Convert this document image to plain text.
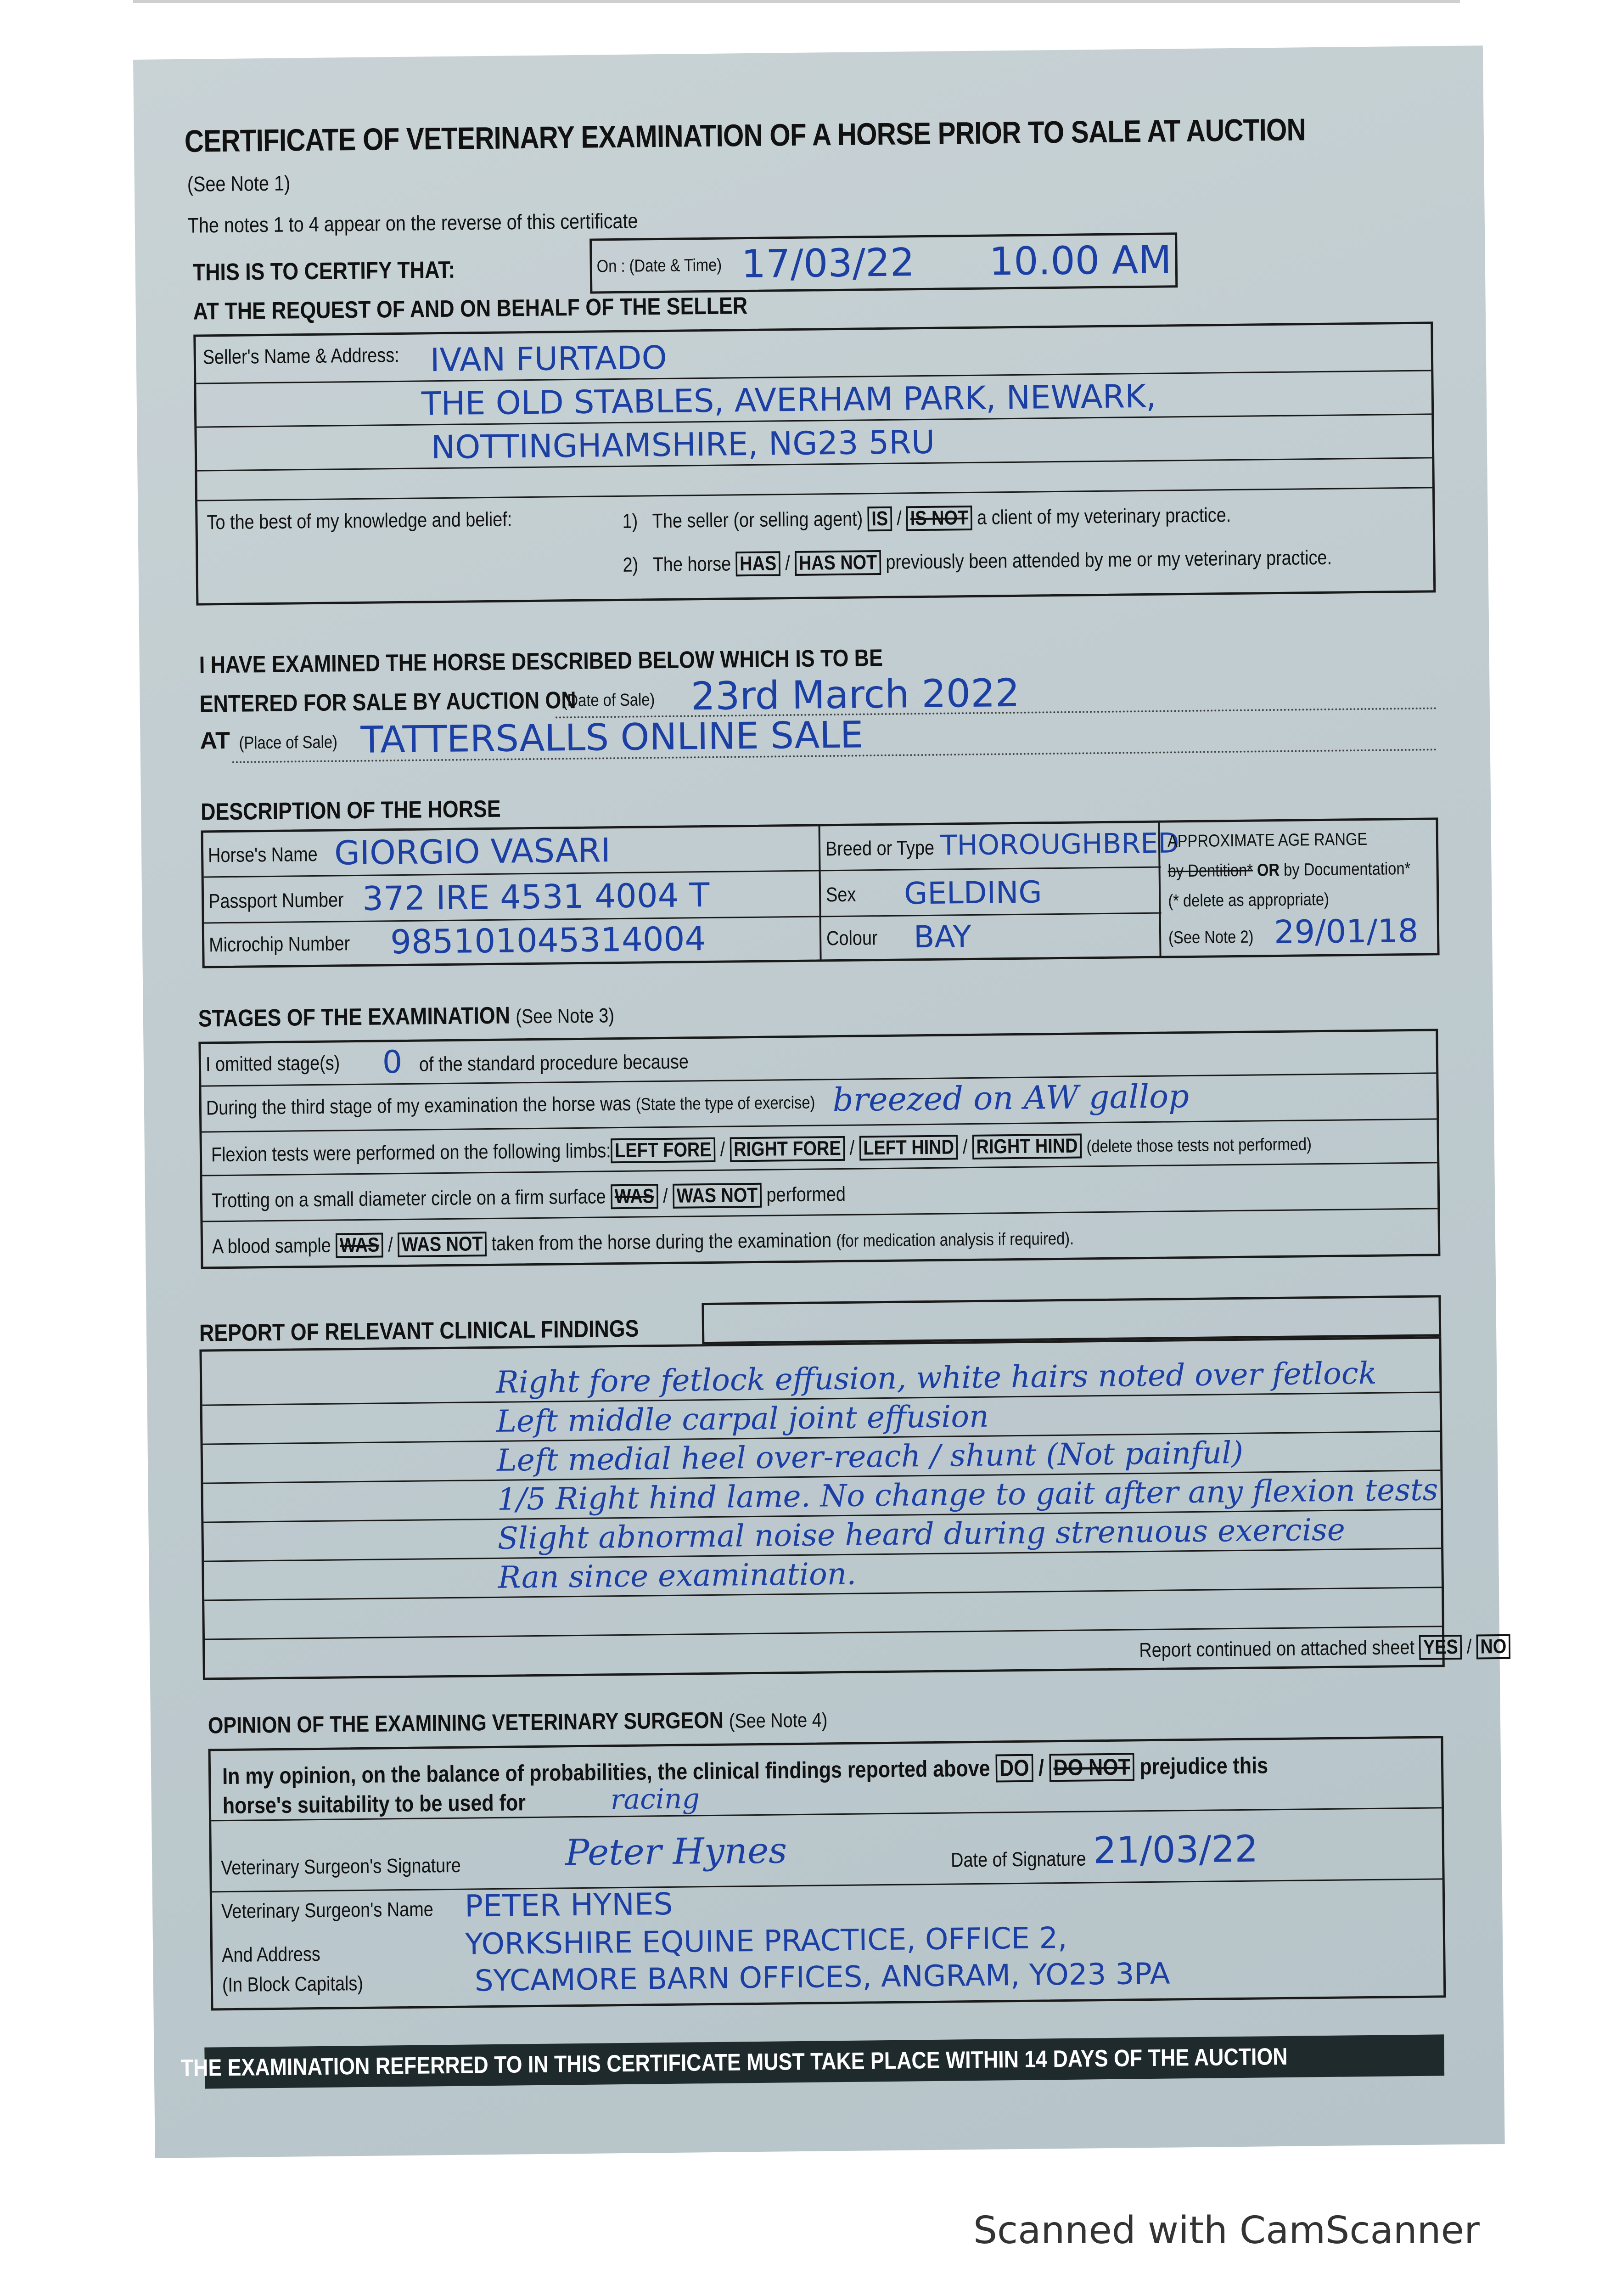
CERTIFICATE OF VETERINARY EXAMINATION OF A HORSE PRIOR TO SALE AT AUCTION
(See Note 1)
The notes 1 to 4 appear on the reverse of this certificate
THIS IS TO CERTIFY THAT:	On : (Date & Time) 17/03/22 10.00 AM
AT THE REQUEST OF AND ON BEHALF OF THE SELLER
Seller's Name & Address: IVAN FURTADO
THE OLD STABLES, AVERHAM PARK, NEWARK,
NOTTINGHAMSHIRE, NG23 5RU
To the best of my knowledge and belief:	1) The seller (or selling agent) IS / IS NOT a client of my veterinary practice.
2) The horse HAS / HAS NOT previously been attended by me or my veterinary practice.
I HAVE EXAMINED THE HORSE DESCRIBED BELOW WHICH IS TO BE
ENTERED FOR SALE BY AUCTION ON
(Date of Sale) 23rd March 2022
AT (Place of Sale) TATTERSALLS ONLINE SALE
DESCRIPTION OF THE HORSE
Horse's Name GIORGIO VASARI
Passport Number 372 IRE 4531 4004 T
Microchip Number	985101045314004
Breed or Type THOROUGHBRED
Sex GELDING
Colour BAY
APPROXIMATE AGE RANGE
by Dentition* OR by Documentation*
(* delete as appropriate)
(See Note 2) 29/01/18
STAGES OF THE EXAMINATION (See Note 3)
I omitted stage(s)	0 of the standard procedure because
During the third stage of my examination the horse was (State the type of exercise) breezed on AW gallop
Flexion tests were performed on the following limbs: LEFT FORE / RIGHT FORE / LEFT HIND / RIGHT HIND (delete those tests not performed)
Trotting on a small diameter circle on a firm surface WAS / WAS NOT performed
A blood sample WAS / WAS NOT taken from the horse during the examination (for medication analysis if required).
REPORT OF RELEVANT CLINICAL FINDINGS
Right fore fetlock effusion, white hairs noted over fetlock
Left middle carpal joint effusion
Left medial heel over-reach / shunt (Not painful)
1/5 Right hind lame. No change to gait after any flexion tests
Slight abnormal noise heard during strenuous exercise
Ran since examination.
Report continued on attached sheet YES / NO
OPINION OF THE EXAMINING VETERINARY SURGEON (See Note 4)
In my opinion, on the balance of probabilities, the clinical findings reported above DO / DO NOT prejudice this
horse's suitability to be used for	racing
Veterinary Surgeon's Signature	Peter Hynes	Date of Signature 21/03/22
Veterinary Surgeon's Name	PETER HYNES
And Address
(In Block Capitals)
YORKSHIRE EQUINE PRACTICE, OFFICE 2,
SYCAMORE BARN OFFICES, ANGRAM, YO23 3PA
THE EXAMINATION REFERRED TO IN THIS CERTIFICATE MUST TAKE PLACE WITHIN 14 DAYS OF THE AUCTION
Scanned with CamScanner
